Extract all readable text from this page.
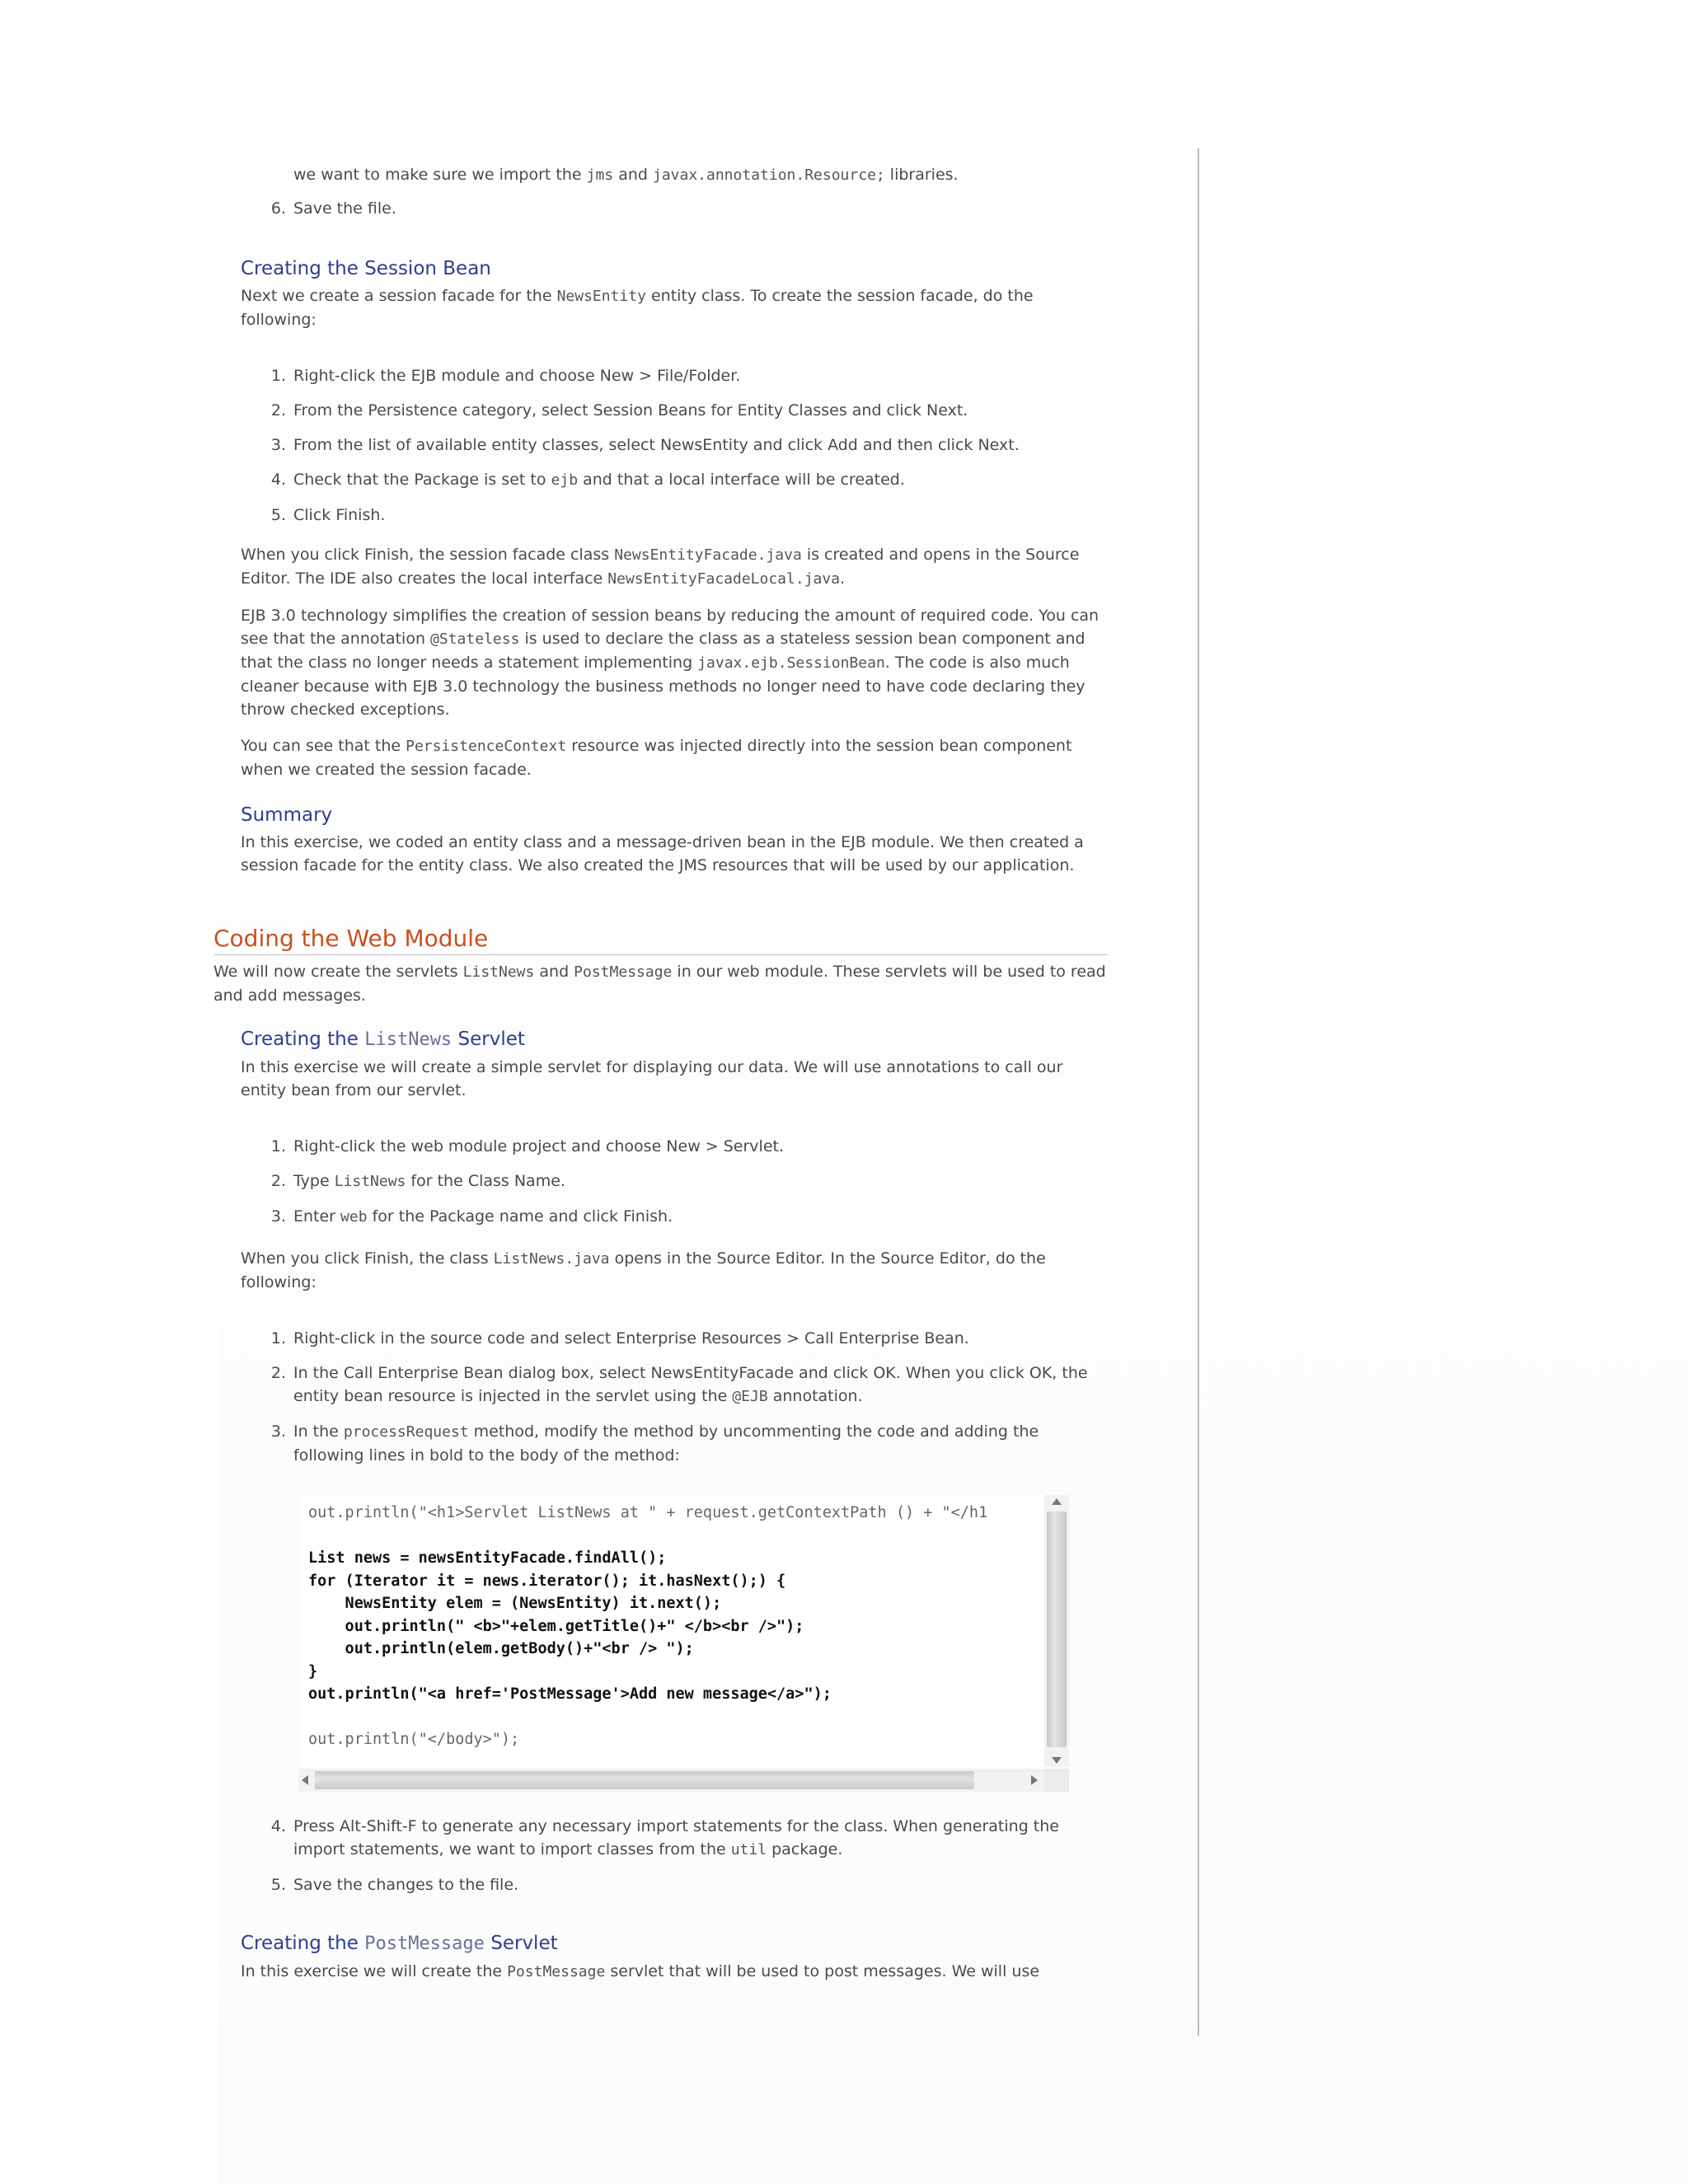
we want to make sure we import the jms and javax.annotation.Resource; libraries.

6. Save the file.
Creating the Session Bean

Next we create a session facade for the NewsEntity entity class. To create the session facade, do the following:

1. Right-click the EJB module and choose New > File/Folder.
2. From the Persistence category, select Session Beans for Entity Classes and click Next.
3. From the list of available entity classes, select NewsEntity and click Add and then click Next.
4. Check that the Package is set to ejb and that a local interface will be created.
5. Click Finish.

When you click Finish, the session facade class NewsEntityFacade.java is created and opens in the Source Editor. The IDE also creates the local interface NewsEntityFacadeLocal.java.

EJB 3.0 technology simplifies the creation of session beans by reducing the amount of required code. You can see that the annotation @Stateless is used to declare the class as a stateless session bean component and that the class no longer needs a statement implementing javax.ejb.SessionBean. The code is also much cleaner because with EJB 3.0 technology the business methods no longer need to have code declaring they throw checked exceptions.

You can see that the PersistenceContext resource was injected directly into the session bean component when we created the session facade.

Summary

In this exercise, we coded an entity class and a message-driven bean in the EJB module. We then created a session facade for the entity class. We also created the JMS resources that will be used by our application.

Coding the Web Module

We will now create the servlets ListNews and PostMessage in our web module. These servlets will be used to read and add messages.

Creating the ListNews Servlet

In this exercise we will create a simple servlet for displaying our data. We will use annotations to call our entity bean from our servlet.

1. Right-click the web module project and choose New > Servlet.
2. Type ListNews for the Class Name.
3. Enter web for the Package name and click Finish.

When you click Finish, the class ListNews.java opens in the Source Editor. In the Source Editor, do the following:

1. Right-click in the source code and select Enterprise Resources > Call Enterprise Bean.
2. In the Call Enterprise Bean dialog box, select NewsEntityFacade and click OK. When you click OK, the entity bean resource is injected in the servlet using the @EJB annotation.
3. In the processRequest method, modify the method by uncommenting the code and adding the following lines in bold to the body of the method:
out.println("<h1>Servlet ListNews at " + request.getContextPath () + "</h1

List news = newsEntityFacade.findAll();
for (Iterator it = news.iterator(); it.hasNext();) {
NewsEntity elem = (NewsEntity) it.next();
out.println(" <b>"+elem.getTitle()+" </b><br />");
out.println(elem.getBody()+"<br /> ");
}
out.println("<a href='PostMessage'>Add new message</a>");

out.println("</body>");
4. Press Alt-Shift-F to generate any necessary import statements for the class. When generating the import statements, we want to import classes from the util package.
5. Save the changes to the file.
Creating the PostMessage Servlet

In this exercise we will create the PostMessage servlet that will be used to post messages. We will use
